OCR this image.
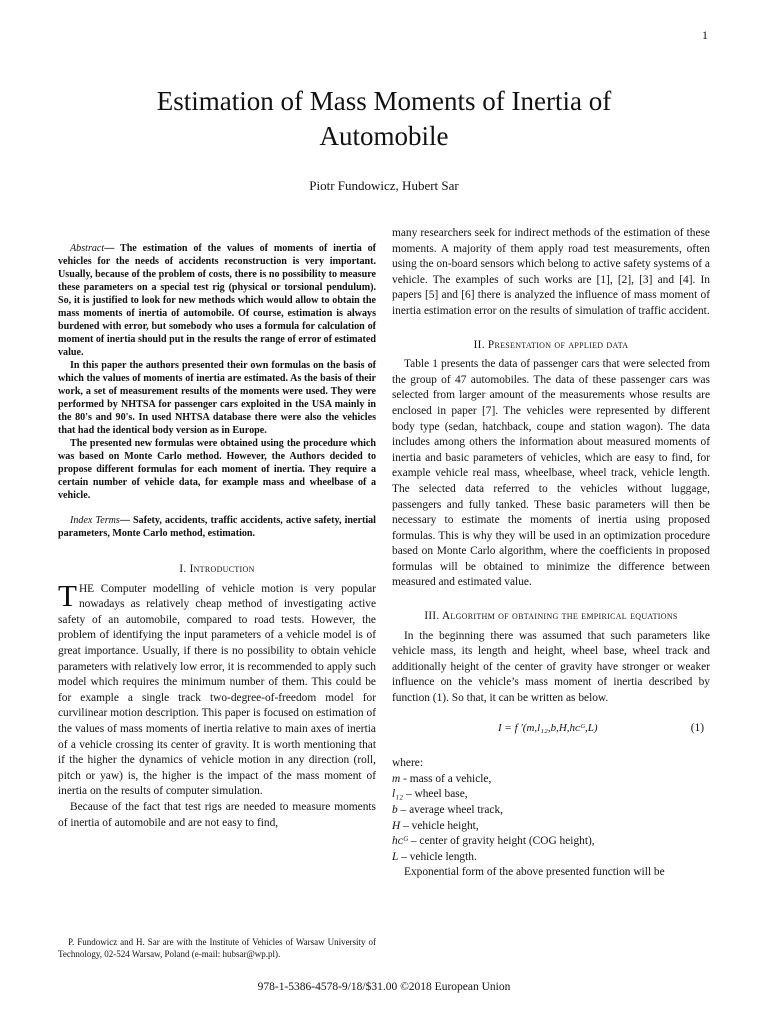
1
Estimation of Mass Moments of Inertia of
Automobile
Piotr Fundowicz, Hubert Sar

Abstract— The estimation of the values of moments of inertia of vehicles for the needs of accidents reconstruction is very important. Usually, because of the problem of costs, there is no possibility to measure these parameters on a special test rig (physical or torsional pendulum). So, it is justified to look for new methods which would allow to obtain the mass moments of inertia of automobile. Of course, estimation is always burdened with error, but somebody who uses a formula for calculation of moment of inertia should put in the results the range of error of estimated value.

In this paper the authors presented their own formulas on the basis of which the values of moments of inertia are estimated. As the basis of their work, a set of measurement results of the moments were used. They were performed by NHTSA for passenger cars exploited in the USA mainly in the 80's and 90's. In used NHTSA database there were also the vehicles that had the identical body version as in Europe.

The presented new formulas were obtained using the procedure which was based on Monte Carlo method. However, the Authors decided to propose different formulas for each moment of inertia. They require a certain number of vehicle data, for example mass and wheelbase of a vehicle.

Index Terms— Safety, accidents, traffic accidents, active safety, inertial parameters, Monte Carlo method, estimation.

I. Introduction

THE Computer modelling of vehicle motion is very popular nowadays as relatively cheap method of investigating active safety of an automobile, compared to road tests. However, the problem of identifying the input parameters of a vehicle model is of great importance. Usually, if there is no possibility to obtain vehicle parameters with relatively low error, it is recommended to apply such model which requires the minimum number of them. This could be for example a single track two-degree-of-freedom model for curvilinear motion description. This paper is focused on estimation of the values of mass moments of inertia relative to main axes of inertia of a vehicle crossing its center of gravity. It is worth mentioning that if the higher the dynamics of vehicle motion in any direction (roll, pitch or yaw) is, the higher is the impact of the mass moment of inertia on the results of computer simulation.

Because of the fact that test rigs are needed to measure moments of inertia of automobile and are not easy to find,

many researchers seek for indirect methods of the estimation of these moments. A majority of them apply road test measurements, often using the on-board sensors which belong to active safety systems of a vehicle. The examples of such works are [1], [2], [3] and [4]. In papers [5] and [6] there is analyzed the influence of mass moment of inertia estimation error on the results of simulation of traffic accident.

II. Presentation of applied data

Table 1 presents the data of passenger cars that were selected from the group of 47 automobiles. The data of these passenger cars was selected from larger amount of the measurements whose results are enclosed in paper [7]. The vehicles were represented by different body type (sedan, hatchback, coupe and station wagon). The data includes among others the information about measured moments of inertia and basic parameters of vehicles, which are easy to find, for example vehicle real mass, wheelbase, wheel track, vehicle length. The selected data referred to the vehicles without luggage, passengers and fully tanked. These basic parameters will then be necessary to estimate the moments of inertia using proposed formulas. This is why they will be used in an optimization procedure based on Monte Carlo algorithm, where the coefficients in proposed formulas will be obtained to minimize the difference between measured and estimated value.

III. Algorithm of obtaining the empirical equations

In the beginning there was assumed that such parameters like vehicle mass, its length and height, wheel base, wheel track and additionally height of the center of gravity have stronger or weaker influence on the vehicle’s mass moment of inertia described by function (1). So that, it can be written as below.

I = f ′(m,l₁₂,b,H,hᴄᴳ,L)	(1)

where:

m - mass of a vehicle,

l₁₂ – wheel base,

b – average wheel track,

H – vehicle height,

hᴄᴳ – center of gravity height (COG height),

L – vehicle length.

Exponential form of the above presented function will be

P. Fundowicz and H. Sar are with the Institute of Vehicles of Warsaw University of Technology, 02-524 Warsaw, Poland (e-mail: hubsar@wp.pl).

978-1-5386-4578-9/18/$31.00 ©2018 European Union
